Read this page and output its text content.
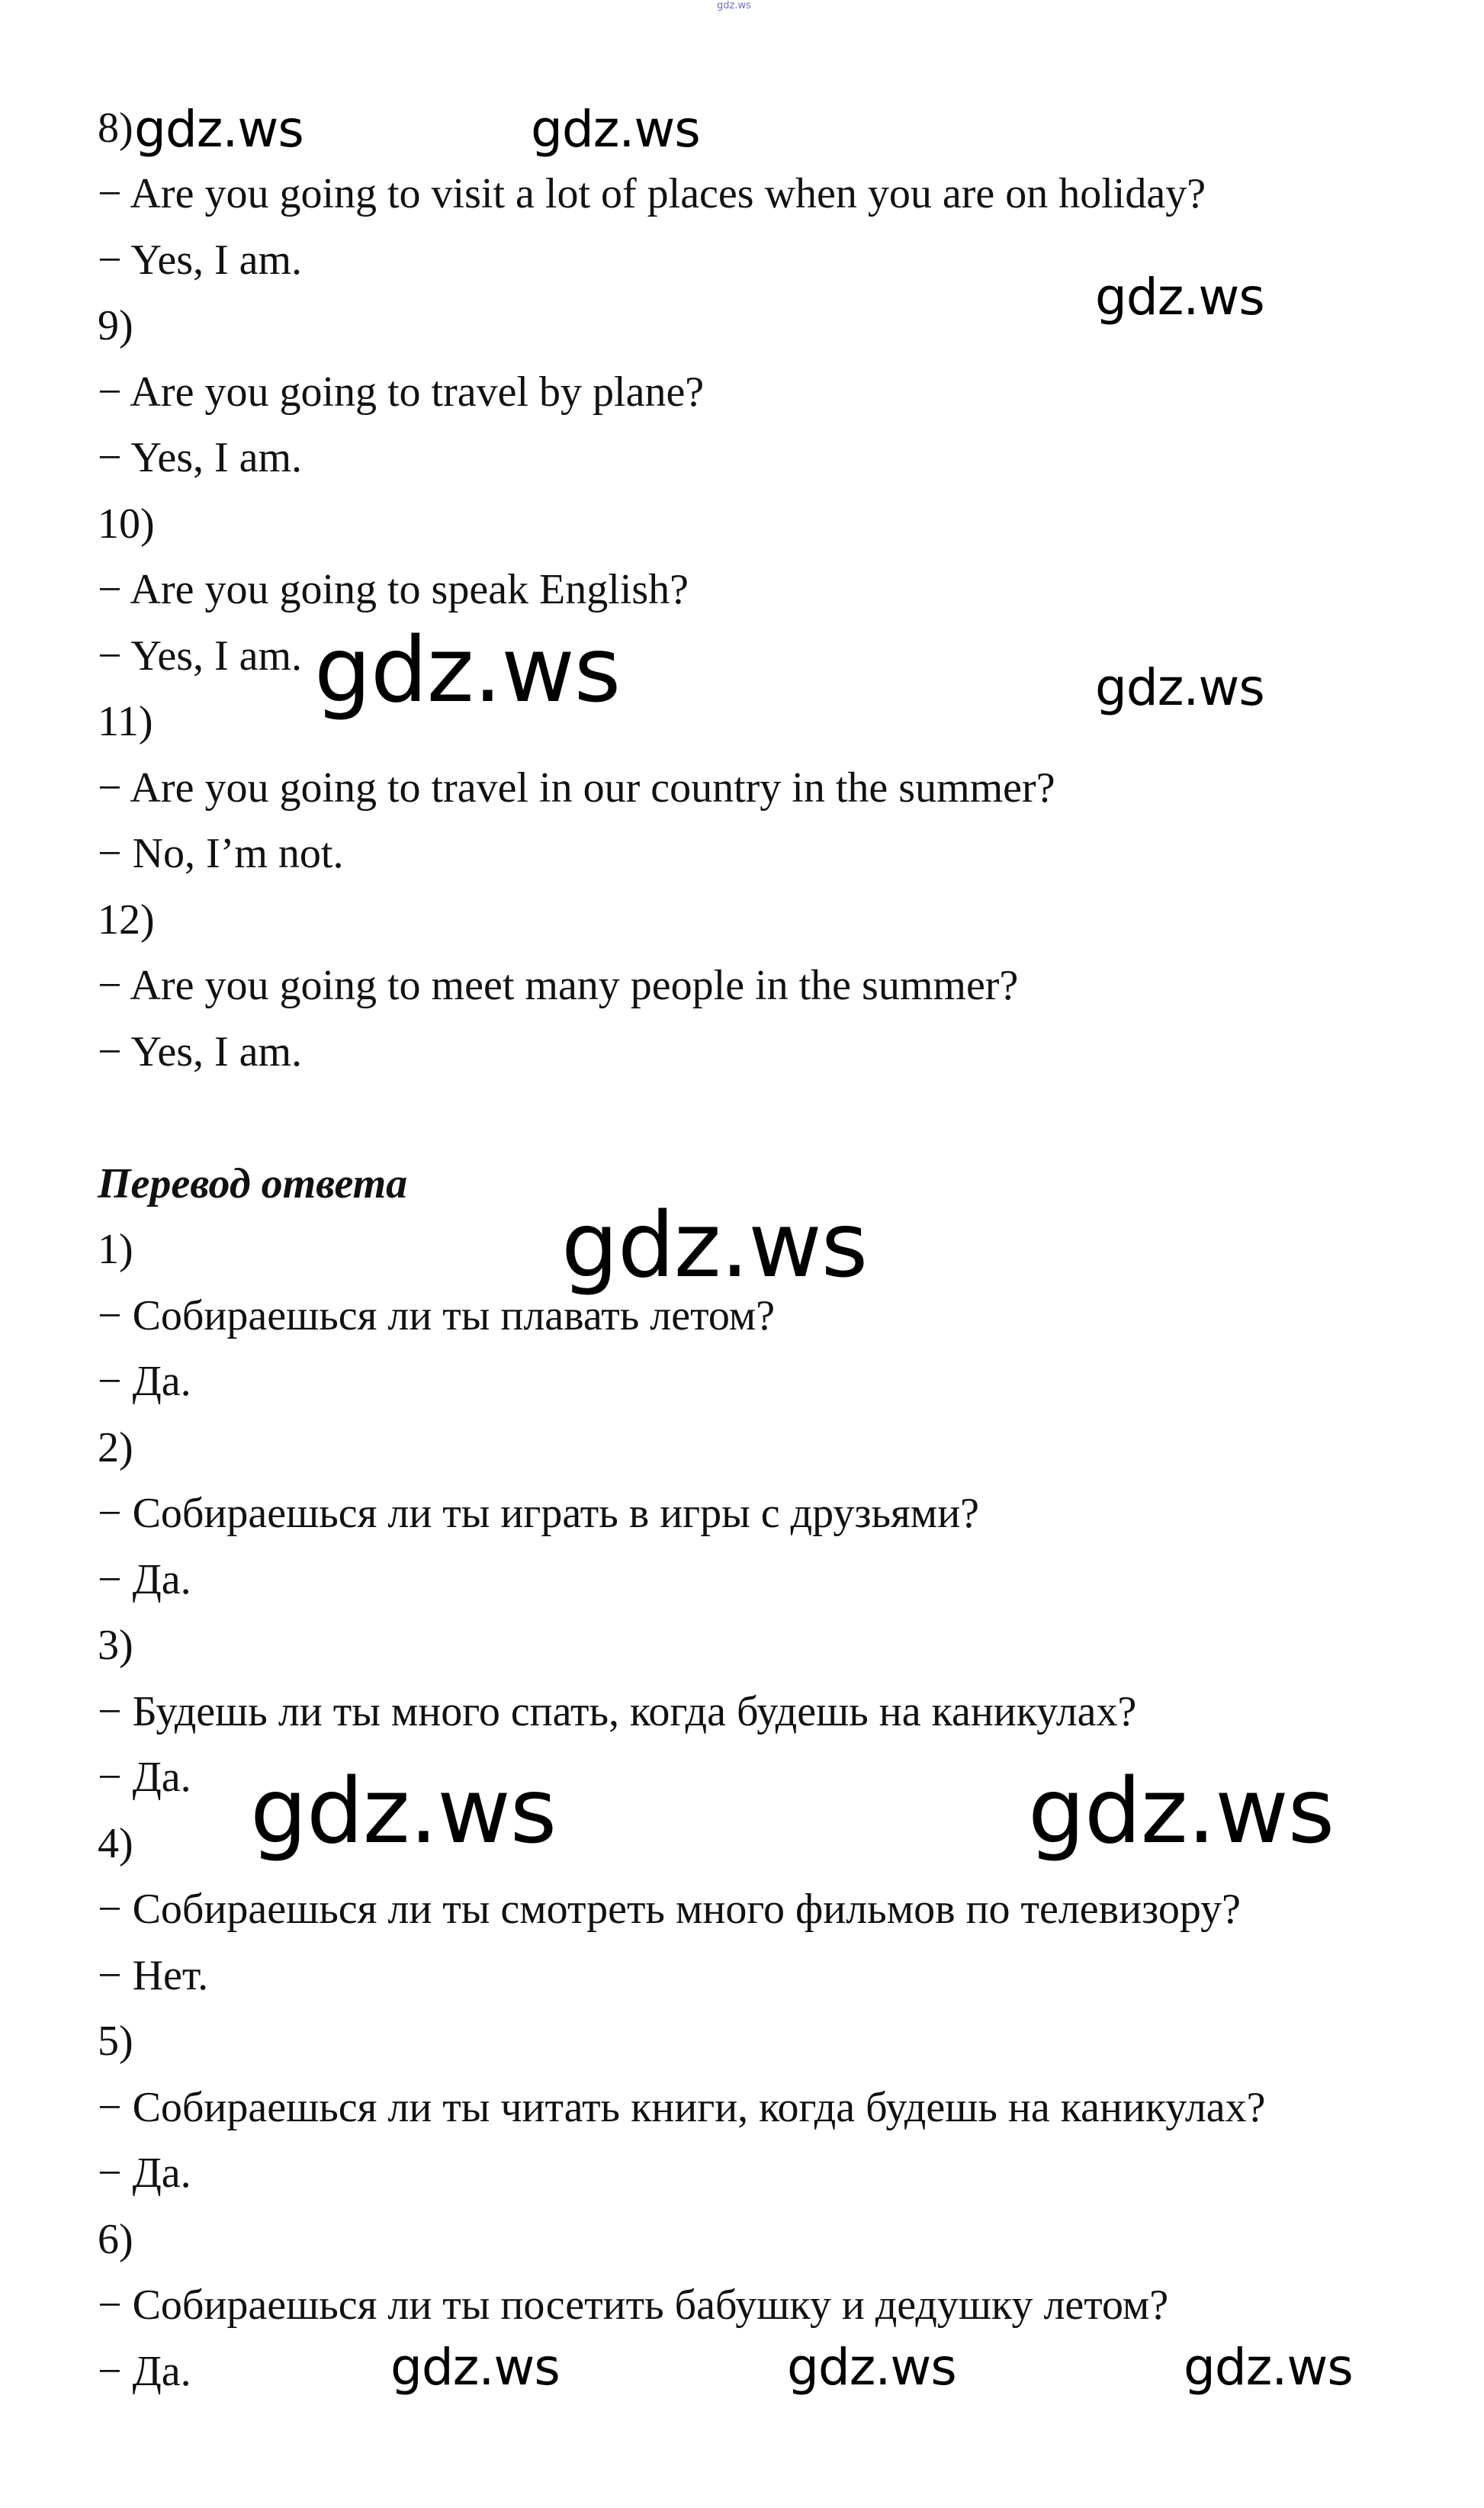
gdz.ws
8)
− Are you going to visit a lot of places when you are on holiday?
− Yes, I am.
9)
− Are you going to travel by plane?
− Yes, I am.
10)
− Are you going to speak English?
− Yes, I am.
11)
− Are you going to travel in our country in the summer?
− No, I’m not.
12)
− Are you going to meet many people in the summer?
− Yes, I am.
Перевод ответа
1)
− Собираешься ли ты плавать летом?
− Да.
2)
− Собираешься ли ты играть в игры с друзьями?
− Да.
3)
− Будешь ли ты много спать, когда будешь на каникулах?
− Да.
4)
− Собираешься ли ты смотреть много фильмов по телевизору?
− Нет.
5)
− Собираешься ли ты читать книги, когда будешь на каникулах?
− Да.
6)
− Собираешься ли ты посетить бабушку и дедушку летом?
− Да.
gdz.ws	gdz.ws
gdz.ws
gdz.ws	gdz.ws
gdz.ws
gdz.ws	gdz.ws
gdz.ws	gdz.ws	gdz.ws
